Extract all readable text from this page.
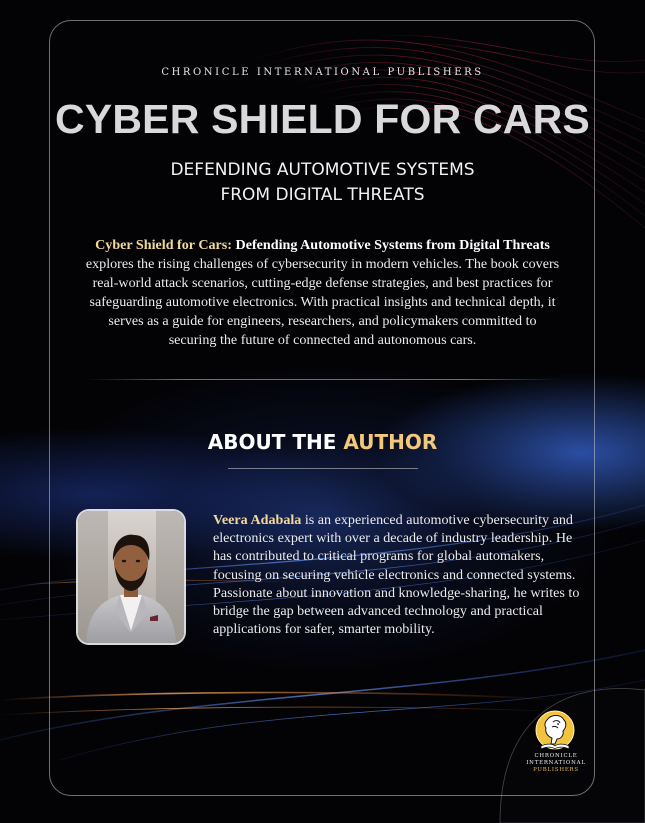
CHRONICLE INTERNATIONAL PUBLISHERS
CYBER SHIELD FOR CARS
DEFENDING AUTOMOTIVE SYSTEMS
FROM DIGITAL THREATS
Cyber Shield for Cars: Defending Automotive Systems from Digital Threats explores the rising challenges of cybersecurity in modern vehicles. The book covers real-world attack scenarios, cutting-edge defense strategies, and best practices for safeguarding automotive electronics. With practical insights and technical depth, it serves as a guide for engineers, researchers, and policymakers committed to securing the future of connected and autonomous cars.
ABOUT THE AUTHOR
Veera Adabala is an experienced automotive cybersecurity and electronics expert with over a decade of industry leadership. He has contributed to critical programs for global automakers, focusing on securing vehicle electronics and connected systems. Passionate about innovation and knowledge-sharing, he writes to bridge the gap between advanced technology and practical applications for safer, smarter mobility.
CHRONICLE
INTERNATIONAL
PUBLISHERS
